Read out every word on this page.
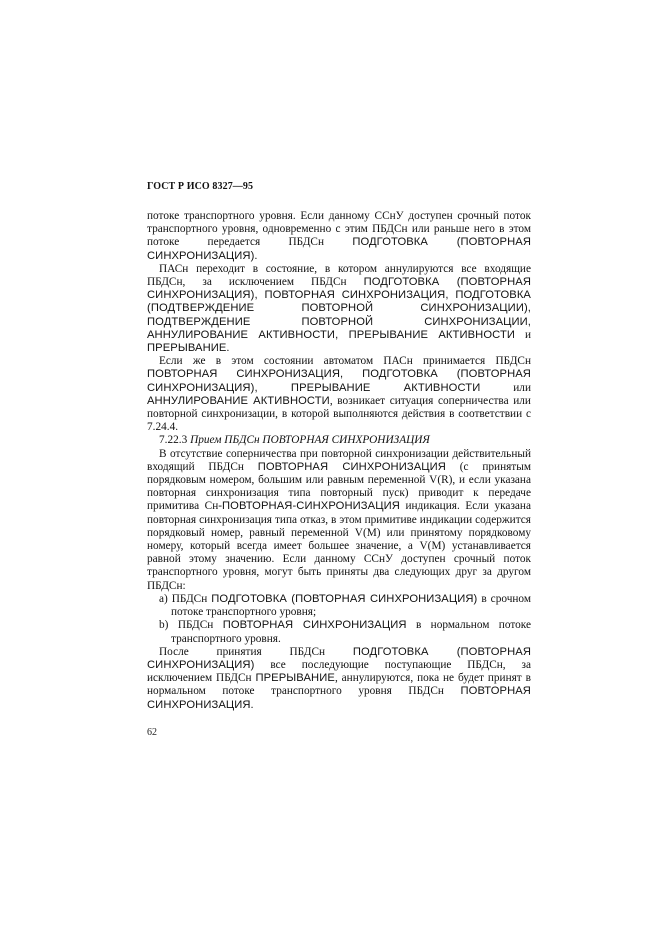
ГОСТ Р ИСО 8327—95

потоке транспортного уровня. Если данному ССнУ доступен срочный поток транспортного уровня, одновременно с этим ПБДСн или раньше него в этом потоке передается ПБДСн ПОДГОТОВКА (ПОВТОРНАЯ СИНХРОНИЗАЦИЯ).

ПАСн переходит в состояние, в котором аннулируются все входящие ПБДСн, за исключением ПБДСн ПОДГОТОВКА (ПОВТОРНАЯ СИНХРОНИЗАЦИЯ), ПОВТОРНАЯ СИНХРОНИЗАЦИЯ, ПОДГОТОВКА (ПОДТВЕРЖДЕНИЕ ПОВТОРНОЙ СИНХРОНИЗАЦИИ), ПОДТВЕРЖДЕНИЕ ПОВТОРНОЙ СИНХРОНИЗАЦИИ, АННУЛИРОВАНИЕ АКТИВНОСТИ, ПРЕРЫВАНИЕ АКТИВНОСТИ и ПРЕРЫВАНИЕ.

Если же в этом состоянии автоматом ПАСн принимается ПБДСн ПОВТОРНАЯ СИНХРОНИЗАЦИЯ, ПОДГОТОВКА (ПОВТОРНАЯ СИНХРОНИЗАЦИЯ), ПРЕРЫВАНИЕ АКТИВНОСТИ или АННУЛИРОВАНИЕ АКТИВНОСТИ, возникает ситуация соперничества или повторной синхронизации, в которой выполняются действия в соответствии с 7.24.4.

7.22.3 Прием ПБДСн ПОВТОРНАЯ СИНХРОНИЗАЦИЯ

В отсутствие соперничества при повторной синхронизации действительный входящий ПБДСн ПОВТОРНАЯ СИНХРОНИЗАЦИЯ (с принятым порядковым номером, большим или равным переменной V(R), и если указана повторная синхронизация типа повторный пуск) приводит к передаче примитива Сн-ПОВТОРНАЯ-СИНХРОНИЗАЦИЯ индикация. Если указана повторная синхронизация типа отказ, в этом примитиве индикации содержится порядковый номер, равный переменной V(M) или принятому порядковому номеру, который всегда имеет большее значение, а V(M) устанавливается равной этому значению. Если данному ССнУ доступен срочный поток транспортного уровня, могут быть приняты два следующих друг за другом ПБДСн:

a) ПБДСн ПОДГОТОВКА (ПОВТОРНАЯ СИНХРОНИЗАЦИЯ) в срочном потоке транспортного уровня;

b) ПБДСн ПОВТОРНАЯ СИНХРОНИЗАЦИЯ в нормальном потоке транспортного уровня.

После принятия ПБДСн ПОДГОТОВКА (ПОВТОРНАЯ СИНХРОНИЗАЦИЯ) все последующие поступающие ПБДСн, за исключением ПБДСн ПРЕРЫВАНИЕ, аннулируются, пока не будет принят в нормальном потоке транспортного уровня ПБДСн ПОВТОРНАЯ СИНХРОНИЗАЦИЯ.

62
